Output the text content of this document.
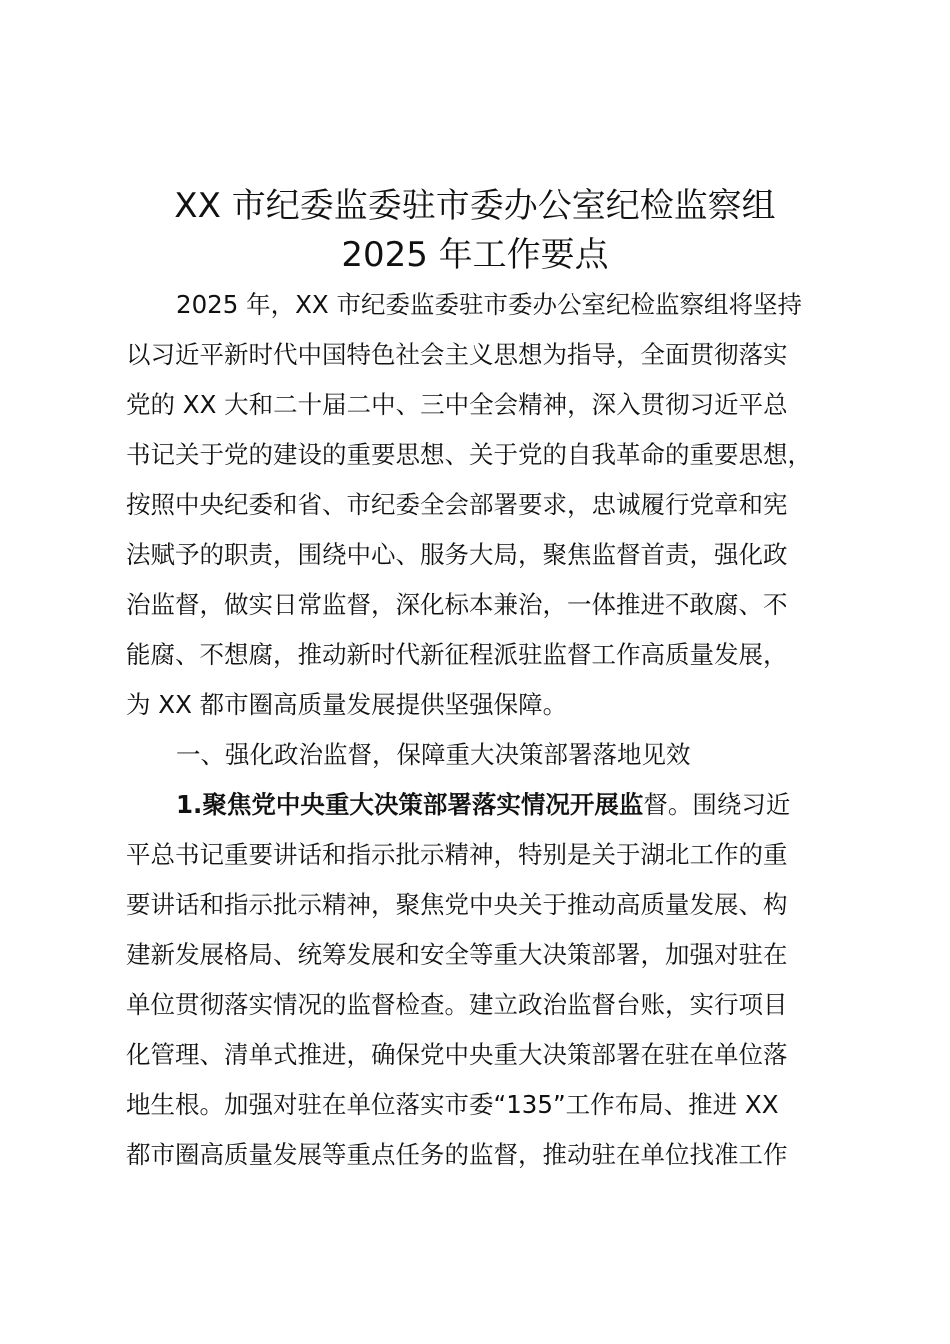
XX 市纪委监委驻市委办公室纪检监察组
2025 年工作要点
2025 年，XX 市纪委监委驻市委办公室纪检监察组将坚持
以习近平新时代中国特色社会主义思想为指导，全面贯彻落实
党的 XX 大和二十届二中、三中全会精神，深入贯彻习近平总
书记关于党的建设的重要思想、关于党的自我革命的重要思想，
按照中央纪委和省、市纪委全会部署要求，忠诚履行党章和宪
法赋予的职责，围绕中心、服务大局，聚焦监督首责，强化政
治监督，做实日常监督，深化标本兼治，一体推进不敢腐、不
能腐、不想腐，推动新时代新征程派驻监督工作高质量发展，
为 XX 都市圈高质量发展提供坚强保障。
一、强化政治监督，保障重大决策部署落地见效
1.聚焦党中央重大决策部署落实情况开展监督。围绕习近
平总书记重要讲话和指示批示精神，特别是关于湖北工作的重
要讲话和指示批示精神，聚焦党中央关于推动高质量发展、构
建新发展格局、统筹发展和安全等重大决策部署，加强对驻在
单位贯彻落实情况的监督检查。建立政治监督台账，实行项目
化管理、清单式推进，确保党中央重大决策部署在驻在单位落
地生根。加强对驻在单位落实市委“135”工作布局、推进 XX
都市圈高质量发展等重点任务的监督，推动驻在单位找准工作
